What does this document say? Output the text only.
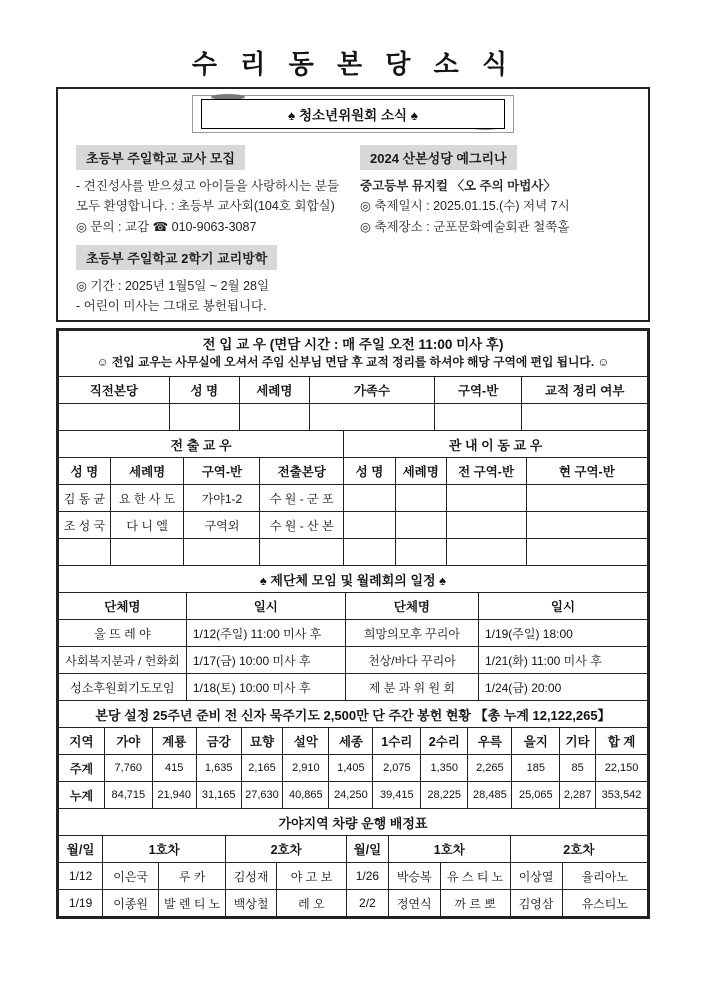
수 리 동 본 당 소 식
♠ 청소년위원회 소식 ♠
초등부 주일학교 교사 모집
- 견진성사를 받으셨고 아이들을 사랑하시는 분들
모두 환영합니다. : 초등부 교사회(104호 회합실)
◎ 문의 : 교감 ☎ 010-9063-3087
초등부 주일학교 2학기 교리방학
◎ 기간 : 2025년 1월5일 ~ 2월 28일
- 어린이 미사는 그대로 봉헌됩니다.
2024 산본성당 예그리나
중고등부 뮤지컬 〈오 주의 마법사〉
◎ 축제일시 : 2025.01.15.(수) 저녁 7시
◎ 축제장소 : 군포문화예술회관 철쭉홀
전 입 교 우 (면담 시간 : 매 주일 오전 11:00 미사 후)
☺ 전입 교우는 사무실에 오셔서 주임 신부님 면담 후 교적 정리를 하셔야 해당 구역에 편입 됩니다. ☺					

직전본당	성 명	세례명	가족수	구역-반	교적 정리 여부

전 출 교 우				관 내 이 동 교 우			
성 명	세례명	구역-반	전출본당	성 명	세례명	전 구역-반	현 구역-반
김 동 균	요 한 사 도	가야1-2	수 원 - 군 포				
조 성 국	다 니 엘	구역외	수 원 - 산 본				

♠ 제단체 모임 및 월례회의 일정 ♠			
단체명	일시	단체명	일시
울 뜨 레 야	1/12(주일) 11:00 미사 후	희망의모후 꾸리아	1/19(주일) 18:00
사회복지분과 / 헌화회	1/17(금) 10:00 미사 후	천상/바다 꾸리아	1/21(화) 11:00 미사 후
성소후원회기도모임	1/18(토) 10:00 미사 후	제 분 과 위 원 회	1/24(금) 20:00
본당 설정 25주년 준비 전 신자 묵주기도 2,500만 단 주간 봉헌 현황 【총 누계 12,122,265】												
지역	가야	계룡	금강	묘향	설악	세종	1수리	2수리	우륵	을지	기타	합 계
주계	7,760	415	1,635	2,165	2,910	1,405	2,075	1,350	2,265	185	85	22,150
누계	84,715	21,940	31,165	27,630	40,865	24,250	39,415	28,225	28,485	25,065	2,287	353,542
가야지역 차량 운행 배정표									
월/일	1호차		2호차		월/일	1호차		2호차	
1/12	이은국	루 카	김성재	야 고 보	1/26	박승복	유 스 티 노	이상열	율리아노
1/19	이종원	발 렌 티 노	백상철	레 오	2/2	정연식	까 르 뽀	김영삼	유스티노
